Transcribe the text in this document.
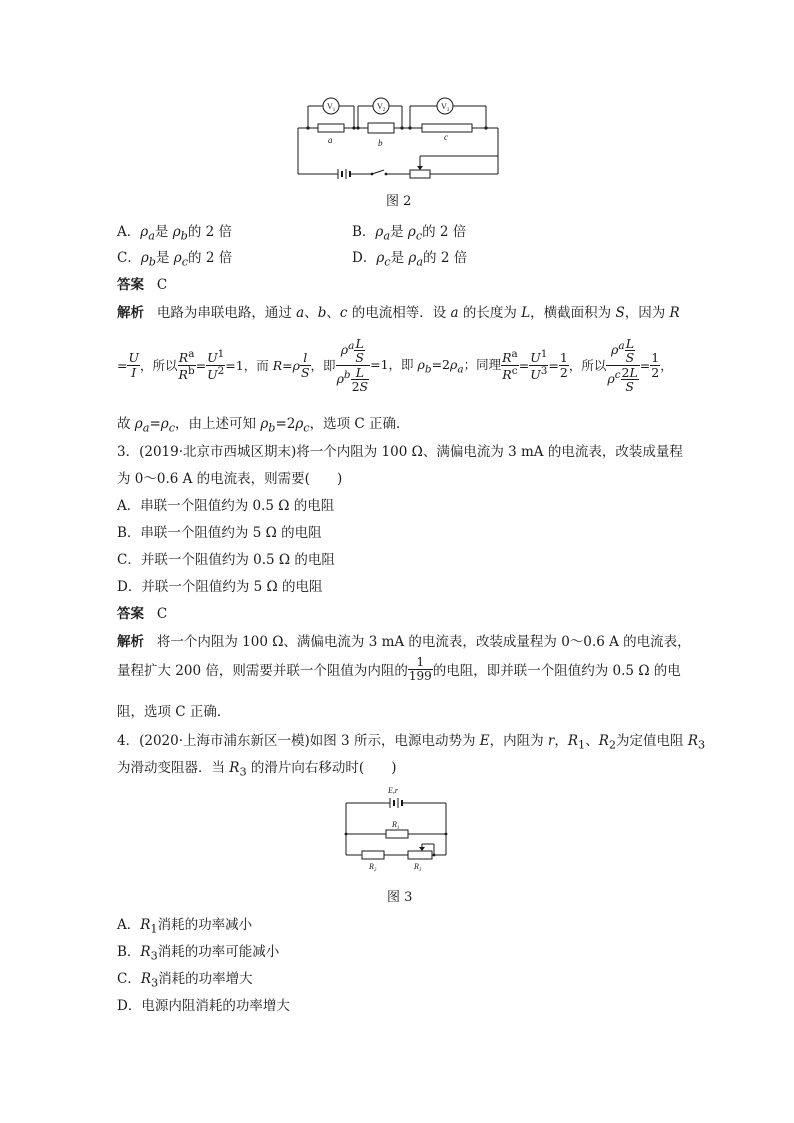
$V_1$	$V_2$	$V_3$
a	b
c
图 2
A．$\rho_a$是 $\rho_b$的 2 倍	B．$\rho_a$是 $\rho_c$的 2 倍
C．$\rho_b$是 $\rho_c$的 2 倍	D．$\rho_c$是 $\rho_a$的 2 倍
答案 C
解析   电路为串联电路，通过 a、b、c 的电流相等．设 a 的长度为 L，横截面积为 S，因为 R
= $\frac{U}{I}$ ，所以 $\frac{R^a}{R^b} = \frac{U^1}{U^2} =1$，而 $R=\rho \frac{l}{S}$ ，即 $\frac{\rho^a \frac{L}{S}}{\rho^b \frac{L}{2S}} =1$，即 $\rho_b=2\rho_a$；同理 $\frac{R^a}{R^c} = \frac{U^1}{U^3} = \frac{1}{2}$ ，所以 $\frac{\rho^a \frac{L}{S}}{\rho^c \frac{2L}{S}} = \frac{1}{2}$ ，
故 $\rho_a=\rho_c$，由上述可知 $\rho_b=2\rho_c$，选项 C 正确．
3．(2019·北京市西城区期末)将一个内阻为 100 Ω、满偏电流为 3 mA 的电流表，改装成量程
为 0～0.6 A 的电流表，则需要(　　)
A．串联一个阻值约为 0.5 Ω 的电阻
B．串联一个阻值约为 5 Ω 的电阻
C．并联一个阻值约为 0.5 Ω 的电阻
D．并联一个阻值约为 5 Ω 的电阻
答案 C
解析 将一个内阻为 100 Ω、满偏电流为 3 mA 的电流表，改装成量程为 0～0.6 A 的电流表，
量程扩大 200 倍，则需要并联一个阻值为内阻的 $\frac{1}{199}$ 的电阻，即并联一个阻值约为 0.5 Ω 的电
阻，选项 C 正确．
4．(2020·上海市浦东新区一模)如图 3 所示，电源电动势为 E，内阻为 r，$R_1$、$R_2$为定值电阻 $R_3$
为滑动变阻器．当 $R_3$ 的滑片向右移动时(　　)
E,r
$R_1$
$R_2$	$R_3$
图 3
A．$R_1$消耗的功率减小
B．$R_3$消耗的功率可能减小
C．$R_3$消耗的功率增大
D．电源内阻消耗的功率增大
